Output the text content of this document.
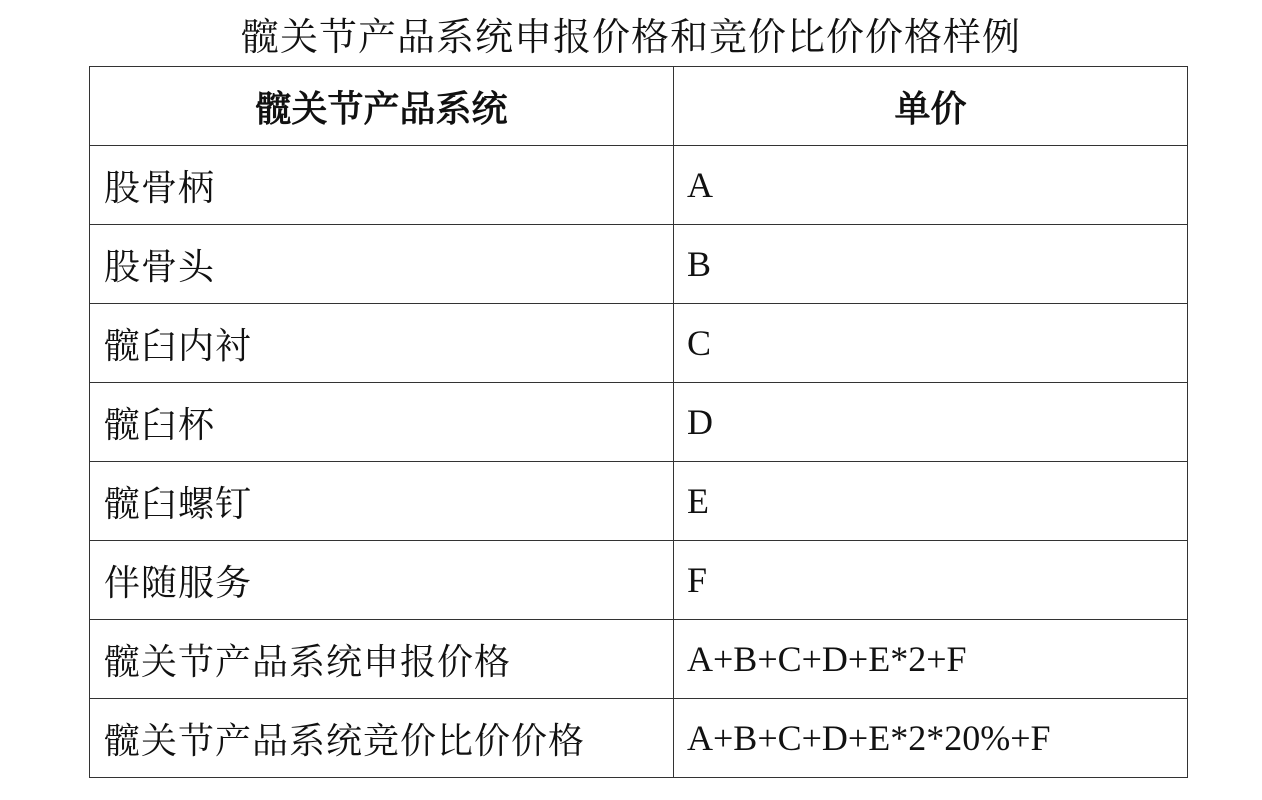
髋关节产品系统申报价格和竞价比价价格样例
髋关节产品系统	单价
股骨柄	A
股骨头	B
髋臼内衬	C
髋臼杯	D
髋臼螺钉	E
伴随服务	F
髋关节产品系统申报价格	A+B+C+D+E*2+F
髋关节产品系统竞价比价价格	A+B+C+D+E*2*20%+F
